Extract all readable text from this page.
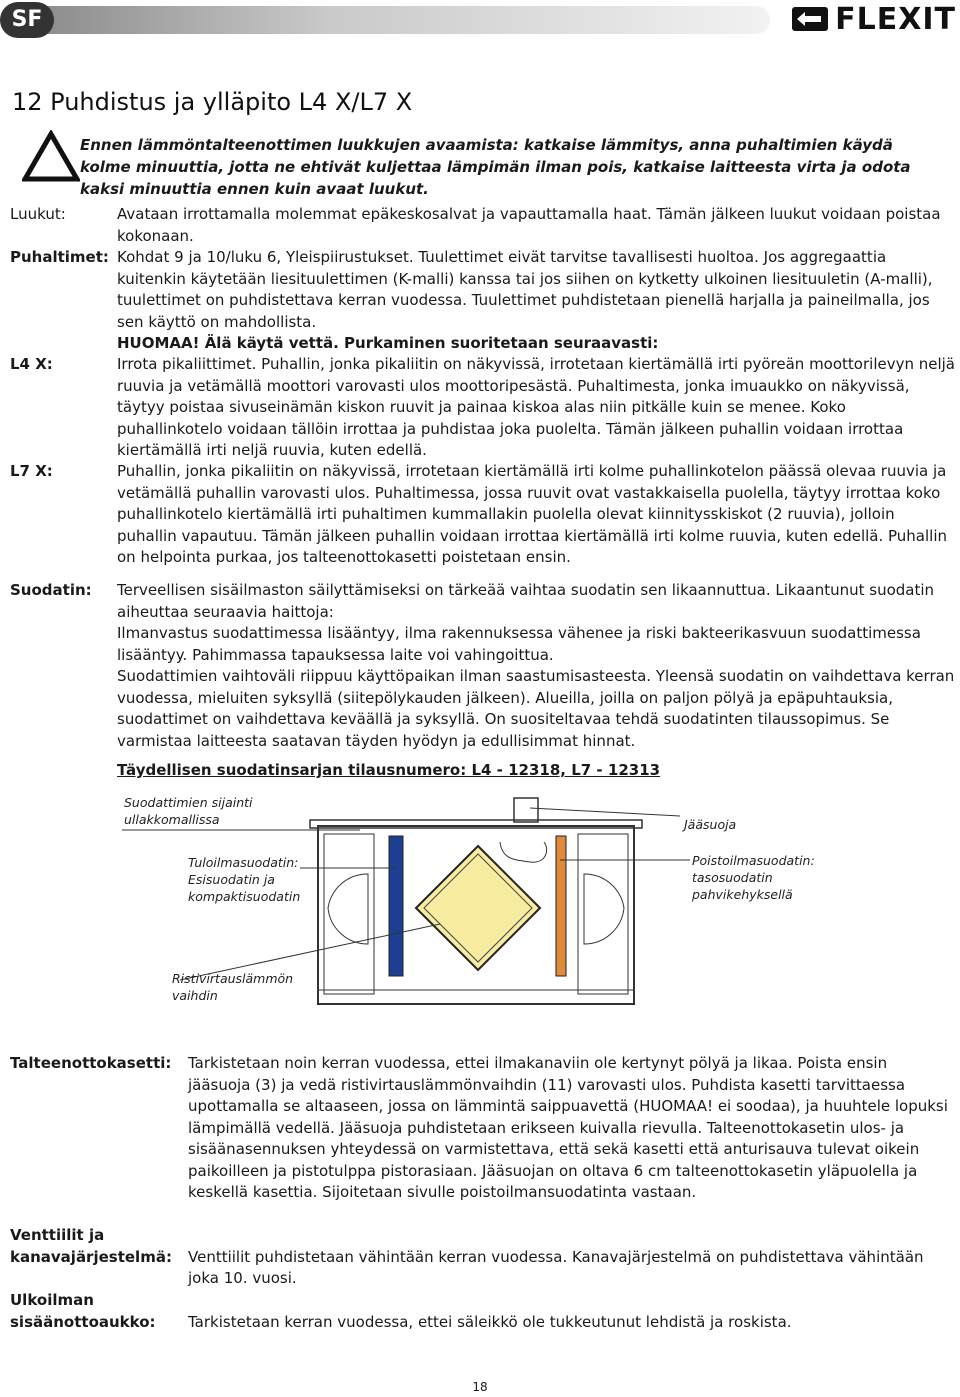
SF	FLEXIT
12 Puhdistus ja ylläpito L4 X/L7 X

Ennen lämmöntalteenottimen luukkujen avaamista: katkaise lämmitys, anna puhaltimien käydä kolme minuuttia, jotta ne ehtivät kuljettaa lämpimän ilman pois, katkaise laitteesta virta ja odota kaksi minuuttia ennen kuin avaat luukut.

Luukut:	Avataan irrottamalla molemmat epäkeskosalvat ja vapauttamalla haat. Tämän jälkeen luukut voidaan poistaa kokonaan.
Puhaltimet: Kohdat 9 ja 10/luku 6, Yleispiirustukset. Tuulettimet eivät tarvitse tavallisesti huoltoa. Jos aggregaattia kuitenkin käytetään liesituulettimen (K-malli) kanssa tai jos siihen on kytketty ulkoinen liesituuletin (A-malli), tuulettimet on puhdistettava kerran vuodessa. Tuulettimet puhdistetaan pienellä harjalla ja paineilmalla, jos sen käyttö on mahdollista.

HUOMAA! Älä käytä vettä. Purkaminen suoritetaan seuraavasti:

L4 X:	Irrota pikaliittimet. Puhallin, jonka pikaliitin on näkyvissä, irrotetaan kiertämällä irti pyöreän moottorilevyn neljä ruuvia ja vetämällä moottori varovasti ulos moottoripesästä. Puhaltimesta, jonka imuaukko on näkyvissä, täytyy poistaa sivuseinämän kiskon ruuvit ja painaa kiskoa alas niin pitkälle kuin se menee. Koko puhallinkotelo voidaan tällöin irrottaa ja puhdistaa joka puolelta. Tämän jälkeen puhallin voidaan irrottaa kiertämällä irti neljä ruuvia, kuten edellä.
L7 X:	Puhallin, jonka pikaliitin on näkyvissä, irrotetaan kiertämällä irti kolme puhallinkotelon päässä olevaa ruuvia ja vetämällä puhallin varovasti ulos. Puhaltimessa, jossa ruuvit ovat vastakkaisella puolella, täytyy irrottaa koko puhallinkotelo kiertämällä irti puhaltimen kummallakin puolella olevat kiinnitysskiskot (2 ruuvia), jolloin puhallin vapautuu. Tämän jälkeen puhallin voidaan irrottaa kiertämällä irti kolme ruuvia, kuten edellä. Puhallin on helpointa purkaa, jos talteenottokasetti poistetaan ensin.
Suodatin: Terveellisen sisäilmaston säilyttämiseksi on tärkeää vaihtaa suodatin sen likaannuttua. Likaantunut suodatin aiheuttaa seuraavia haittoja:

Ilmanvastus suodattimessa lisääntyy, ilma rakennuksessa vähenee ja riski bakteerikasvuun suodattimessa lisääntyy. Pahimmassa tapauksessa laite voi vahingoittua.

Suodattimien vaihtoväli riippuu käyttöpaikan ilman saastumisasteesta. Yleensä suodatin on vaihdettava kerran vuodessa, mieluiten syksyllä (siitepölykauden jälkeen). Alueilla, joilla on paljon pölyä ja epäpuhtauksia, suodattimet on vaihdettava keväällä ja syksyllä. On suositeltavaa tehdä suodatinten tilaussopimus. Se varmistaa laitteesta saatavan täyden hyödyn ja edullisimmat hinnat.

Täydellisen suodatinsarjan tilausnumero: L4 - 12318, L7 - 12313
Suodattimien sijainti ullakkomallissa
Tuloilmasuodatin: Esisuodatin ja kompaktisuodatin
Ristivirtauslämmön vaihdin
Jääsuoja
Poistoilmasuodatin: tasosuodatin pahvikehyksellä
Talteenottokasetti: Tarkistetaan noin kerran vuodessa, ettei ilmakanaviin ole kertynyt pölyä ja likaa. Poista ensin jääsuoja (3) ja vedä ristivirtauslämmönvaihdin (11) varovasti ulos. Puhdista kasetti tarvittaessa upottamalla se altaaseen, jossa on lämmintä saippuavettä (HUOMAA! ei soodaa), ja huuhtele lopuksi lämpimällä vedellä. Jääsuoja puhdistetaan erikseen kuivalla rievulla. Talteenottokasetin ulos- ja sisäänasennuksen yhteydessä on varmistettava, että sekä kasetti että anturisauva tulevat oikein paikoilleen ja pistotulppa pistorasiaan. Jääsuojan on oltava 6 cm talteenottokasetin yläpuolella ja keskellä kasettia. Sijoitetaan sivulle poistoilmansuodatinta vastaan.
Venttiilit ja
kanavajärjestelmä: Venttiilit puhdistetaan vähintään kerran vuodessa. Kanavajärjestelmä on puhdistettava vähintään joka 10. vuosi.
Ulkoilman
sisäänottoaukko: Tarkistetaan kerran vuodessa, ettei säleikkö ole tukkeutunut lehdistä ja roskista.
18
